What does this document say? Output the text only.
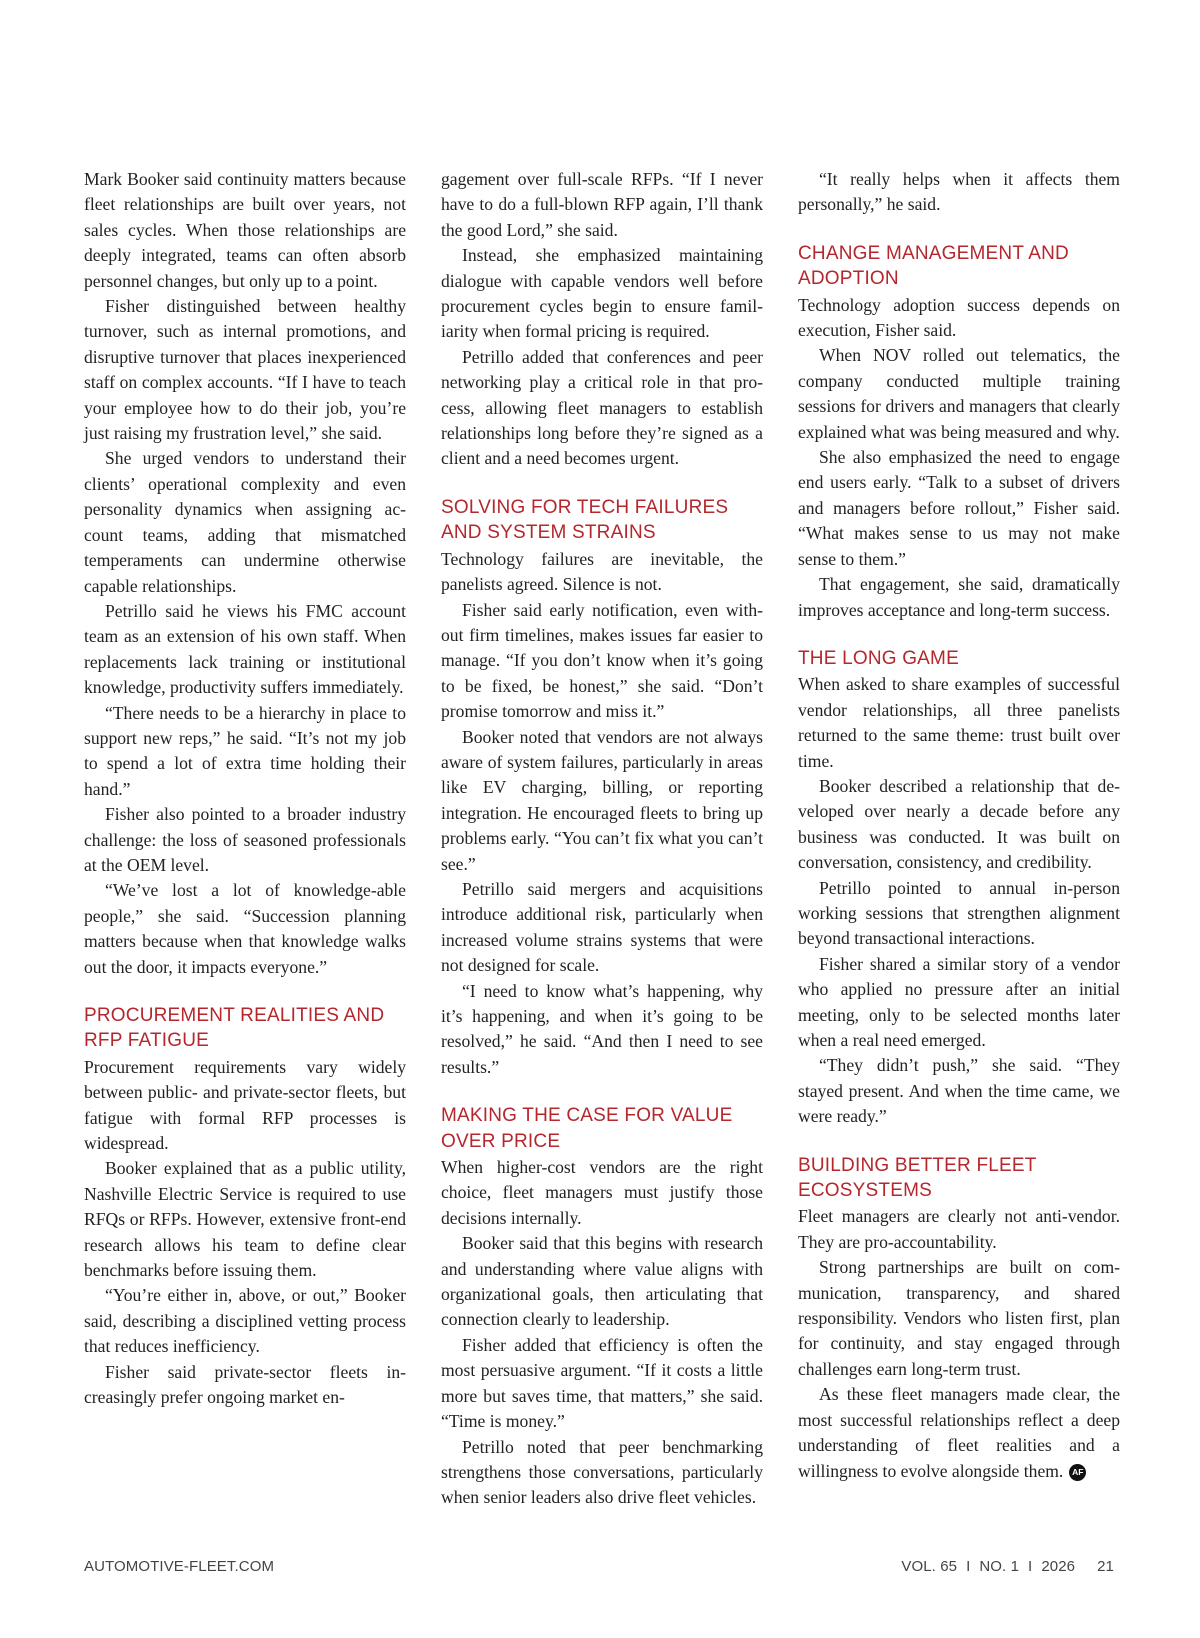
Mark Booker said continuity matters because fleet relationships are built over years, not sales cycles. When those relationships are deeply integrated, teams can often absorb personnel changes, but only up to a point.

Fisher distinguished between healthy turnover, such as internal promotions, and disruptive turnover that places inexperienced staff on complex accounts. “If I have to teach your employee how to do their job, you’re just raising my frustration level,” she said.

She urged vendors to understand their clients’ operational complexity and even personality dynamics when assigning account teams, adding that mismatched temperaments can undermine otherwise capable relationships.

Petrillo said he views his FMC account team as an extension of his own staff. When replacements lack training or institutional knowledge, productivity suffers immediately.

“There needs to be a hierarchy in place to support new reps,” he said. “It’s not my job to spend a lot of extra time holding their hand.”

Fisher also pointed to a broader industry challenge: the loss of seasoned professionals at the OEM level.

“We’ve lost a lot of knowledge-able people,” she said. “Succession planning matters because when that knowledge walks out the door, it impacts everyone.”

PROCUREMENT REALITIES AND RFP FATIGUE

Procurement requirements vary widely between public- and private-sector fleets, but fatigue with formal RFP processes is widespread.

Booker explained that as a public utility, Nashville Electric Service is required to use RFQs or RFPs. However, extensive front-end research allows his team to define clear benchmarks before issuing them.

“You’re either in, above, or out,” Booker said, describing a disciplined vetting process that reduces inefficiency.

Fisher said private-sector fleets increasingly prefer ongoing market en-

gagement over full-scale RFPs. “If I never have to do a full-blown RFP again, I’ll thank the good Lord,” she said.

Instead, she emphasized maintaining dialogue with capable vendors well before procurement cycles begin to ensure familiarity when formal pricing is required.

Petrillo added that conferences and peer networking play a critical role in that process, allowing fleet managers to establish relationships long before they’re signed as a client and a need becomes urgent.

SOLVING FOR TECH FAILURES AND SYSTEM STRAINS

Technology failures are inevitable, the panelists agreed. Silence is not.

Fisher said early notification, even without firm timelines, makes issues far easier to manage. “If you don’t know when it’s going to be fixed, be honest,” she said. “Don’t promise tomorrow and miss it.”

Booker noted that vendors are not always aware of system failures, particularly in areas like EV charging, billing, or reporting integration. He encouraged fleets to bring up problems early. “You can’t fix what you can’t see.”

Petrillo said mergers and acquisitions introduce additional risk, particularly when increased volume strains systems that were not designed for scale.

“I need to know what’s happening, why it’s happening, and when it’s going to be resolved,” he said. “And then I need to see results.”

MAKING THE CASE FOR VALUE OVER PRICE

When higher-cost vendors are the right choice, fleet managers must justify those decisions internally.

Booker said that this begins with research and understanding where value aligns with organizational goals, then articulating that connection clearly to leadership.

Fisher added that efficiency is often the most persuasive argument. “If it costs a little more but saves time, that matters,” she said. “Time is money.”

Petrillo noted that peer benchmarking strengthens those conversations, particularly when senior leaders also drive fleet vehicles.

“It really helps when it affects them personally,” he said.

CHANGE MANAGEMENT AND ADOPTION

Technology adoption success depends on execution, Fisher said.

When NOV rolled out telematics, the company conducted multiple training sessions for drivers and managers that clearly explained what was being measured and why.

She also emphasized the need to engage end users early. “Talk to a subset of drivers and managers before rollout,” Fisher said. “What makes sense to us may not make sense to them.”

That engagement, she said, dramatically improves acceptance and long-term success.

THE LONG GAME

When asked to share examples of successful vendor relationships, all three panelists returned to the same theme: trust built over time.

Booker described a relationship that developed over nearly a decade before any business was conducted. It was built on conversation, consistency, and credibility.

Petrillo pointed to annual in-person working sessions that strengthen alignment beyond transactional interactions.

Fisher shared a similar story of a vendor who applied no pressure after an initial meeting, only to be selected months later when a real need emerged.

“They didn’t push,” she said. “They stayed present. And when the time came, we were ready.”

BUILDING BETTER FLEET ECOSYSTEMS

Fleet managers are clearly not anti-vendor. They are pro-accountability.

Strong partnerships are built on communication, transparency, and shared responsibility. Vendors who listen first, plan for continuity, and stay engaged through challenges earn long-term trust.

As these fleet managers made clear, the most successful relationships reflect a deep understanding of fleet realities and a willingness to evolve alongside them. AF

AUTOMOTIVE-FLEET.COM	VOL. 65 I NO. 1 I 2026 21
